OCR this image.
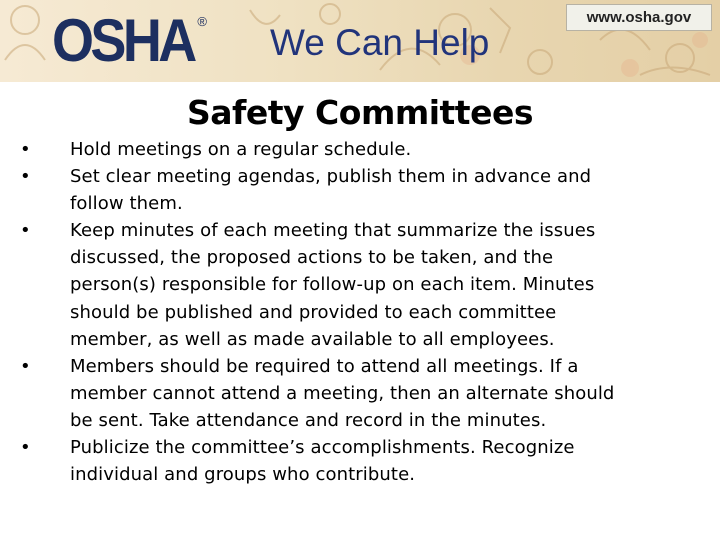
OSHA ®
We Can Help
www.osha.gov
Safety Committees
•	Hold meetings on a regular schedule.
•	Set clear meeting agendas, publish them in advance and
follow them.
•	Keep minutes of each meeting that summarize the issues
discussed, the proposed actions to be taken, and the
person(s) responsible for follow-up on each item. Minutes
should be published and provided to each committee
member, as well as made available to all employees.
•	Members should be required to attend all meetings. If a
member cannot attend a meeting, then an alternate should
be sent. Take attendance and record in the minutes.
•	Publicize the committee’s accomplishments. Recognize
individual and groups who contribute.
